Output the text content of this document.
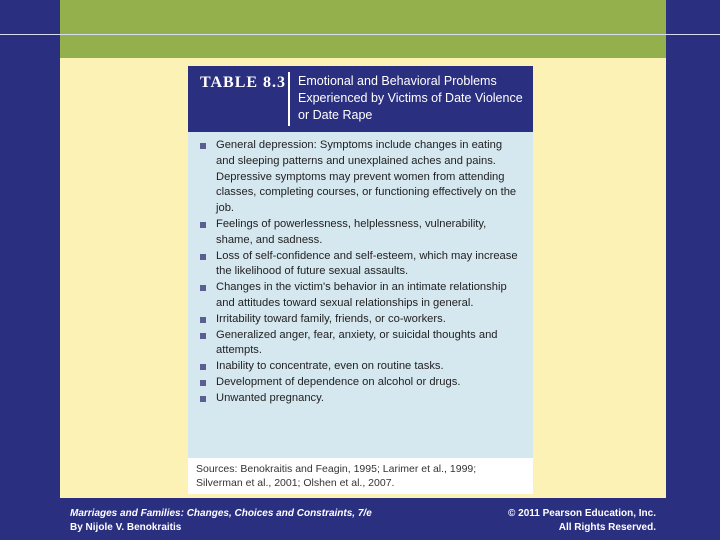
TABLE 8.3 Emotional and Behavioral Problems Experienced by Victims of Date Violence or Date Rape
General depression: Symptoms include changes in eating and sleeping patterns and unexplained aches and pains. Depressive symptoms may prevent women from attending classes, completing courses, or functioning effectively on the job.
Feelings of powerlessness, helplessness, vulnerability, shame, and sadness.
Loss of self-confidence and self-esteem, which may increase the likelihood of future sexual assaults.
Changes in the victim's behavior in an intimate relationship and attitudes toward sexual relationships in general.
Irritability toward family, friends, or co-workers.
Generalized anger, fear, anxiety, or suicidal thoughts and attempts.
Inability to concentrate, even on routine tasks.
Development of dependence on alcohol or drugs.
Unwanted pregnancy.
Sources: Benokraitis and Feagin, 1995; Larimer et al., 1999; Silverman et al., 2001; Olshen et al., 2007.
Marriages and Families: Changes, Choices and Constraints, 7/e
By Nijole V. Benokraitis
© 2011 Pearson Education, Inc.
All Rights Reserved.
